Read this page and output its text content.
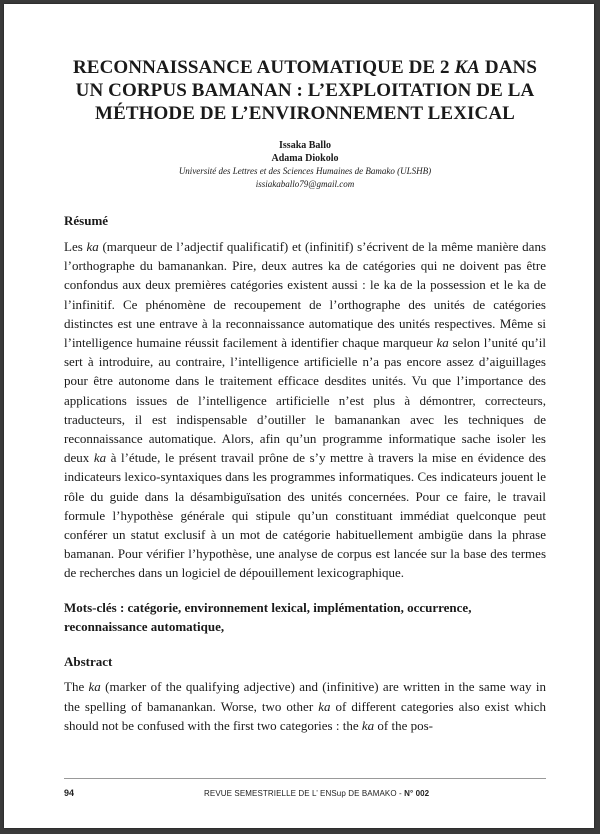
RECONNAISSANCE AUTOMATIQUE DE 2 KA DANS UN CORPUS BAMANAN : L’EXPLOITATION DE LA MÉTHODE DE L’ENVIRONNEMENT LEXICAL
Issaka Ballo
Adama Diokolo
Université des Lettres et des Sciences Humaines de Bamako (ULSHB)
issiakaballo79@gmail.com

Résumé

Les ka (marqueur de l’adjectif qualificatif) et (infinitif) s’écrivent de la même manière dans l’orthographe du bamanankan. Pire, deux autres ka de catégories qui ne doivent pas être confondus aux deux premières catégories existent aussi : le ka de la possession et le ka de l’infinitif. Ce phénomène de recoupement de l’orthographe des unités de catégories distinctes est une entrave à la reconnaissance automatique des unités respectives. Même si l’intelligence humaine réussit facilement à identifier chaque marqueur ka selon l’unité qu’il sert à introduire, au contraire, l’intelligence artificielle n’a pas encore assez d’aiguillages pour être autonome dans le traitement efficace desdites unités. Vu que l’importance des applications issues de l’intelligence artificielle n’est plus à démontrer, correcteurs, traducteurs, il est indispensable d’outiller le bamanankan avec les techniques de reconnaissance automatique. Alors, afin qu’un programme informatique sache isoler les deux ka à l’étude, le présent travail prône de s’y mettre à travers la mise en évidence des indicateurs lexico-syntaxiques dans les programmes informatiques. Ces indicateurs jouent le rôle du guide dans la désambiguïsation des unités concernées. Pour ce faire, le travail formule l’hypothèse générale qui stipule qu’un constituant immédiat quelconque peut conférer un statut exclusif à un mot de catégorie habituellement ambigüe dans la phrase bamanan. Pour vérifier l’hypothèse, une analyse de corpus est lancée sur la base des termes de recherches dans un logiciel de dépouillement lexicographique.

Mots-clés : catégorie, environnement lexical, implémentation, occurrence, reconnaissance automatique,

Abstract

The ka (marker of the qualifying adjective) and (infinitive) are written in the same way in the spelling of bamanankan. Worse, two other ka of different categories also exist which should not be confused with the first two categories : the ka of the pos-

94	REVUE SEMESTRIELLE DE L’ ENSup DE BAMAKO - N° 002
